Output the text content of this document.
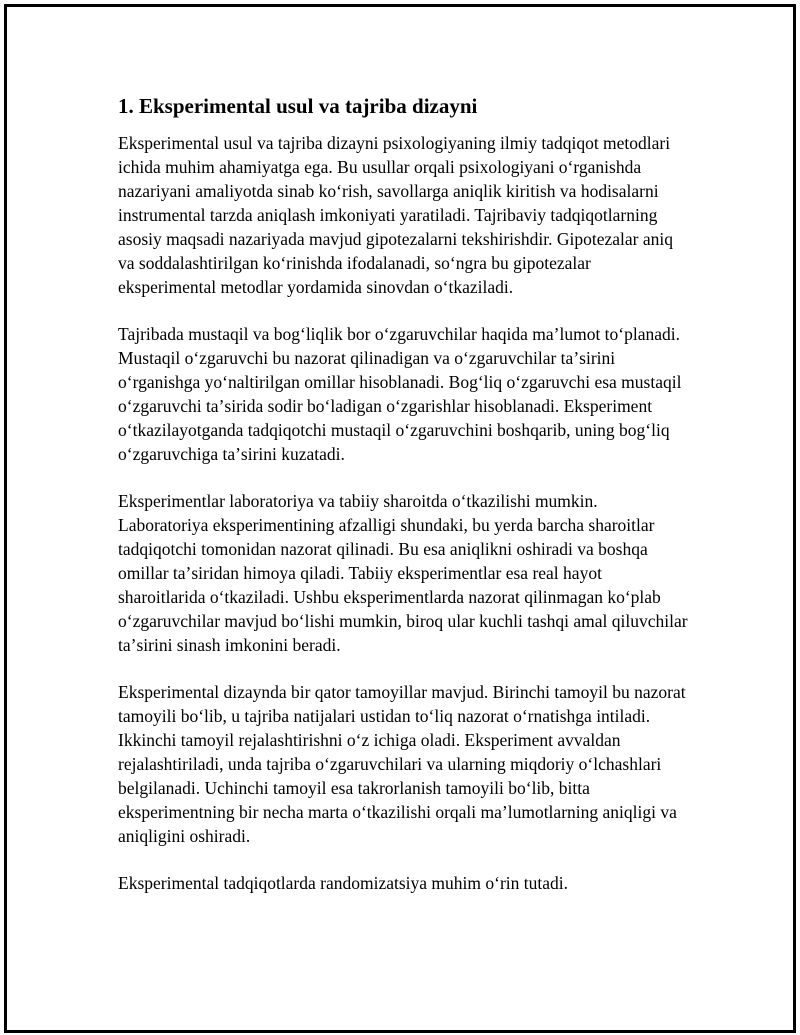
1. Eksperimental usul va tajriba dizayni

Eksperimental usul va tajriba dizayni psixologiyaning ilmiy tadqiqot metodlari ichida muhim ahamiyatga ega. Bu usullar orqali psixologiyani oʻrganishda nazariyani amaliyotda sinab koʻrish, savollarga aniqlik kiritish va hodisalarni instrumental tarzda aniqlash imkoniyati yaratiladi. Tajribaviy tadqiqotlarning asosiy maqsadi nazariyada mavjud gipotezalarni tekshirishdir. Gipotezalar aniq va soddalashtirilgan koʻrinishda ifodalanadi, soʻngra bu gipotezalar eksperimental metodlar yordamida sinovdan oʻtkaziladi.

Tajribada mustaqil va bogʻliqlik bor oʻzgaruvchilar haqida maʼlumot toʻplanadi. Mustaqil oʻzgaruvchi bu nazorat qilinadigan va oʻzgaruvchilar taʼsirini oʻrganishga yoʻnaltirilgan omillar hisoblanadi. Bogʻliq oʻzgaruvchi esa mustaqil oʻzgaruvchi taʼsirida sodir boʻladigan oʻzgarishlar hisoblanadi. Eksperiment oʻtkazilayotganda tadqiqotchi mustaqil oʻzgaruvchini boshqarib, uning bogʻliq oʻzgaruvchiga taʼsirini kuzatadi.

Eksperimentlar laboratoriya va tabiiy sharoitda oʻtkazilishi mumkin. Laboratoriya eksperimentining afzalligi shundaki, bu yerda barcha sharoitlar tadqiqotchi tomonidan nazorat qilinadi. Bu esa aniqlikni oshiradi va boshqa omillar taʼsiridan himoya qiladi. Tabiiy eksperimentlar esa real hayot sharoitlarida oʻtkaziladi. Ushbu eksperimentlarda nazorat qilinmagan koʻplab oʻzgaruvchilar mavjud boʻlishi mumkin, biroq ular kuchli tashqi amal qiluvchilar taʼsirini sinash imkonini beradi.

Eksperimental dizaynda bir qator tamoyillar mavjud. Birinchi tamoyil bu nazorat tamoyili boʻlib, u tajriba natijalari ustidan toʻliq nazorat oʻrnatishga intiladi. Ikkinchi tamoyil rejalashtirishni oʻz ichiga oladi. Eksperiment avvaldan rejalashtiriladi, unda tajriba oʻzgaruvchilari va ularning miqdoriy oʻlchashlari belgilanadi. Uchinchi tamoyil esa takrorlanish tamoyili boʻlib, bitta eksperimentning bir necha marta oʻtkazilishi orqali maʼlumotlarning aniqligi va aniqligini oshiradi.

Eksperimental tadqiqotlarda randomizatsiya muhim oʻrin tutadi.
